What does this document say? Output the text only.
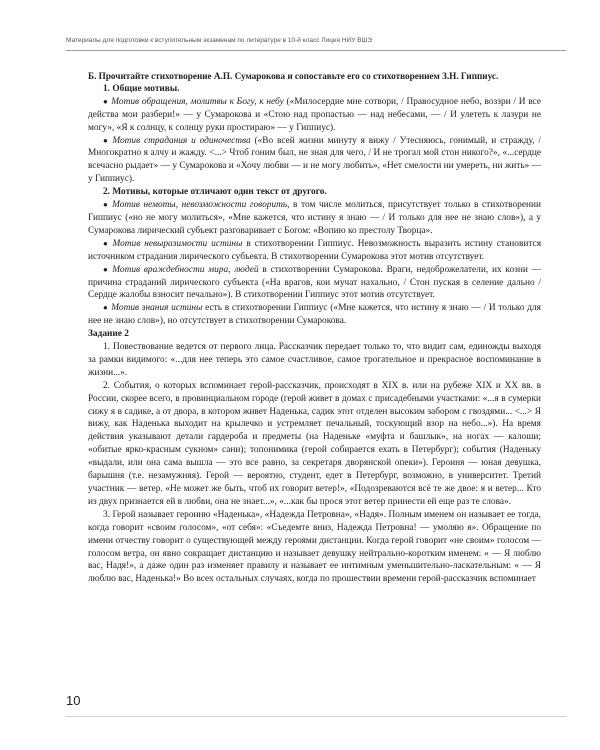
Материалы для подготовки к вступительным экзаменам по литературе в 10-й класс Лицея НИУ ВШЭ

Б. Прочитайте стихотворение А.П. Сумарокова и сопоставьте его со стихотворением З.Н. Гиппиус.

1. Общие мотивы.

● Мотив обращения, молитвы к Богу, к небу («Милосердие мне сотвори, / Правосудное небо, воззри / И все действа мои разбери!» — у Сумарокова и «Стою над пропастью — над небесами, — / И улететь к лазури не могу», «Я к солнцу, к солнцу руки простираю» — у Гиппиус).

● Мотив страдания и одиночества («Во всей жизни минуту я вижу / Утесняюсь, гонимый, и стражду, / Многократно я алчу и жажду. <...> Чтоб гоним был, не зная для чего, / И не трогал мой стон никого?», «...сердце всечасно рыдает» — у Сумарокова и «Хочу любви — и не могу любить», «Нет смелости ни умереть, ни жить» — у Гиппиус).

2. Мотивы, которые отличают один текст от другого.

● Мотив немоты, невозможности говорить, в том числе молиться, присутствует только в стихотворении Гиппиус («но не могу молиться», «Мне кажется, что истину я знаю — / И только для нее не знаю слов»), а у Сумарокова лирический субъект разговаривает с Богом: «Вопию ко престолу Творца».

● Мотив невыразимости истины в стихотворении Гиппиус. Невозможность выразить истину становится источником страдания лирического субъекта. В стихотворении Сумарокова этот мотив отсутствует.

● Мотив враждебности мира, людей в стихотворении Сумарокова. Враги, недоброжелатели, их козни — причина страданий лирического субъекта («На врагов, кои мучат нахально, / Стон пуская в селение дально / Сердце жалобы взносит печально»). В стихотворении Гиппиус этот мотив отсутствует.

● Мотив знания истины есть в стихотворении Гиппиус («Мне кажется, что истину я знаю — / И только для нее не знаю слов»), но отсутствует в стихотворении Сумарокова.

Задание 2

1. Повествование ведется от первого лица. Рассказчик передает только то, что видит сам, единожды выходя за рамки видимого: «...для нее теперь это самое счастливое, самое трогательное и прекрасное воспоминание в жизни...».

2. События, о которых вспоминает герой-рассказчик, происходят в XIX в. или на рубеже XIX и XX вв. в России, скорее всего, в провинциальном городе (герой живет в домах с присадебными участками: «...я в сумерки сижу я в садике, а от двора, в котором живет Наденька, садик этот отделен высоким забором с гвоздями... <...> Я вижу, как Наденька выходит на крылечко и устремляет печальный, тоскующий взор на небо...»). На время действия указывают детали гардероба и предметы (на Наденьке «муфта и башлык», на ногах — калоши; «обитые ярко-красным сукном» сани); топонимика (герой собирается ехать в Петербург); события (Наденьку «выдали, или она сама вышла — это все равно, за секретаря дворянской опеки»). Героиня — юная девушка, барышня (т.е. незамужняя). Герой — вероятно, студент, едет в Петербург, возможно, в университет. Третий участник — ветер. «Не может же быть, чтоб их говорит ветер!», «Подозреваются всё те же двое: я и ветер... Кто из двух признается ей в любви, она не знает...», «...как бы прося этот ветер принести ей еще раз те слова».

3. Герой называет героиню «Наденька», «Надежда Петровна», «Надя». Полным именем он называет ее тогда, когда говорит «своим голосом», «от себя»: «Съедемте вниз, Надежда Петровна! — умоляю я». Обращение по имени отчеству говорит о существующей между героями дистанции. Когда герой говорит «не своим» голосом — голосом ветра, он явно сокращает дистанцию и называет девушку нейтрально-коротким именем: « — Я люблю вас, Надя!», а даже один раз изменяет правилу и называет ее интимным уменьшительно-ласкательным: « — Я люблю вас, Наденька!» Во всех остальных случаях, когда по прошествии времени герой-рассказчик вспоминает

10
